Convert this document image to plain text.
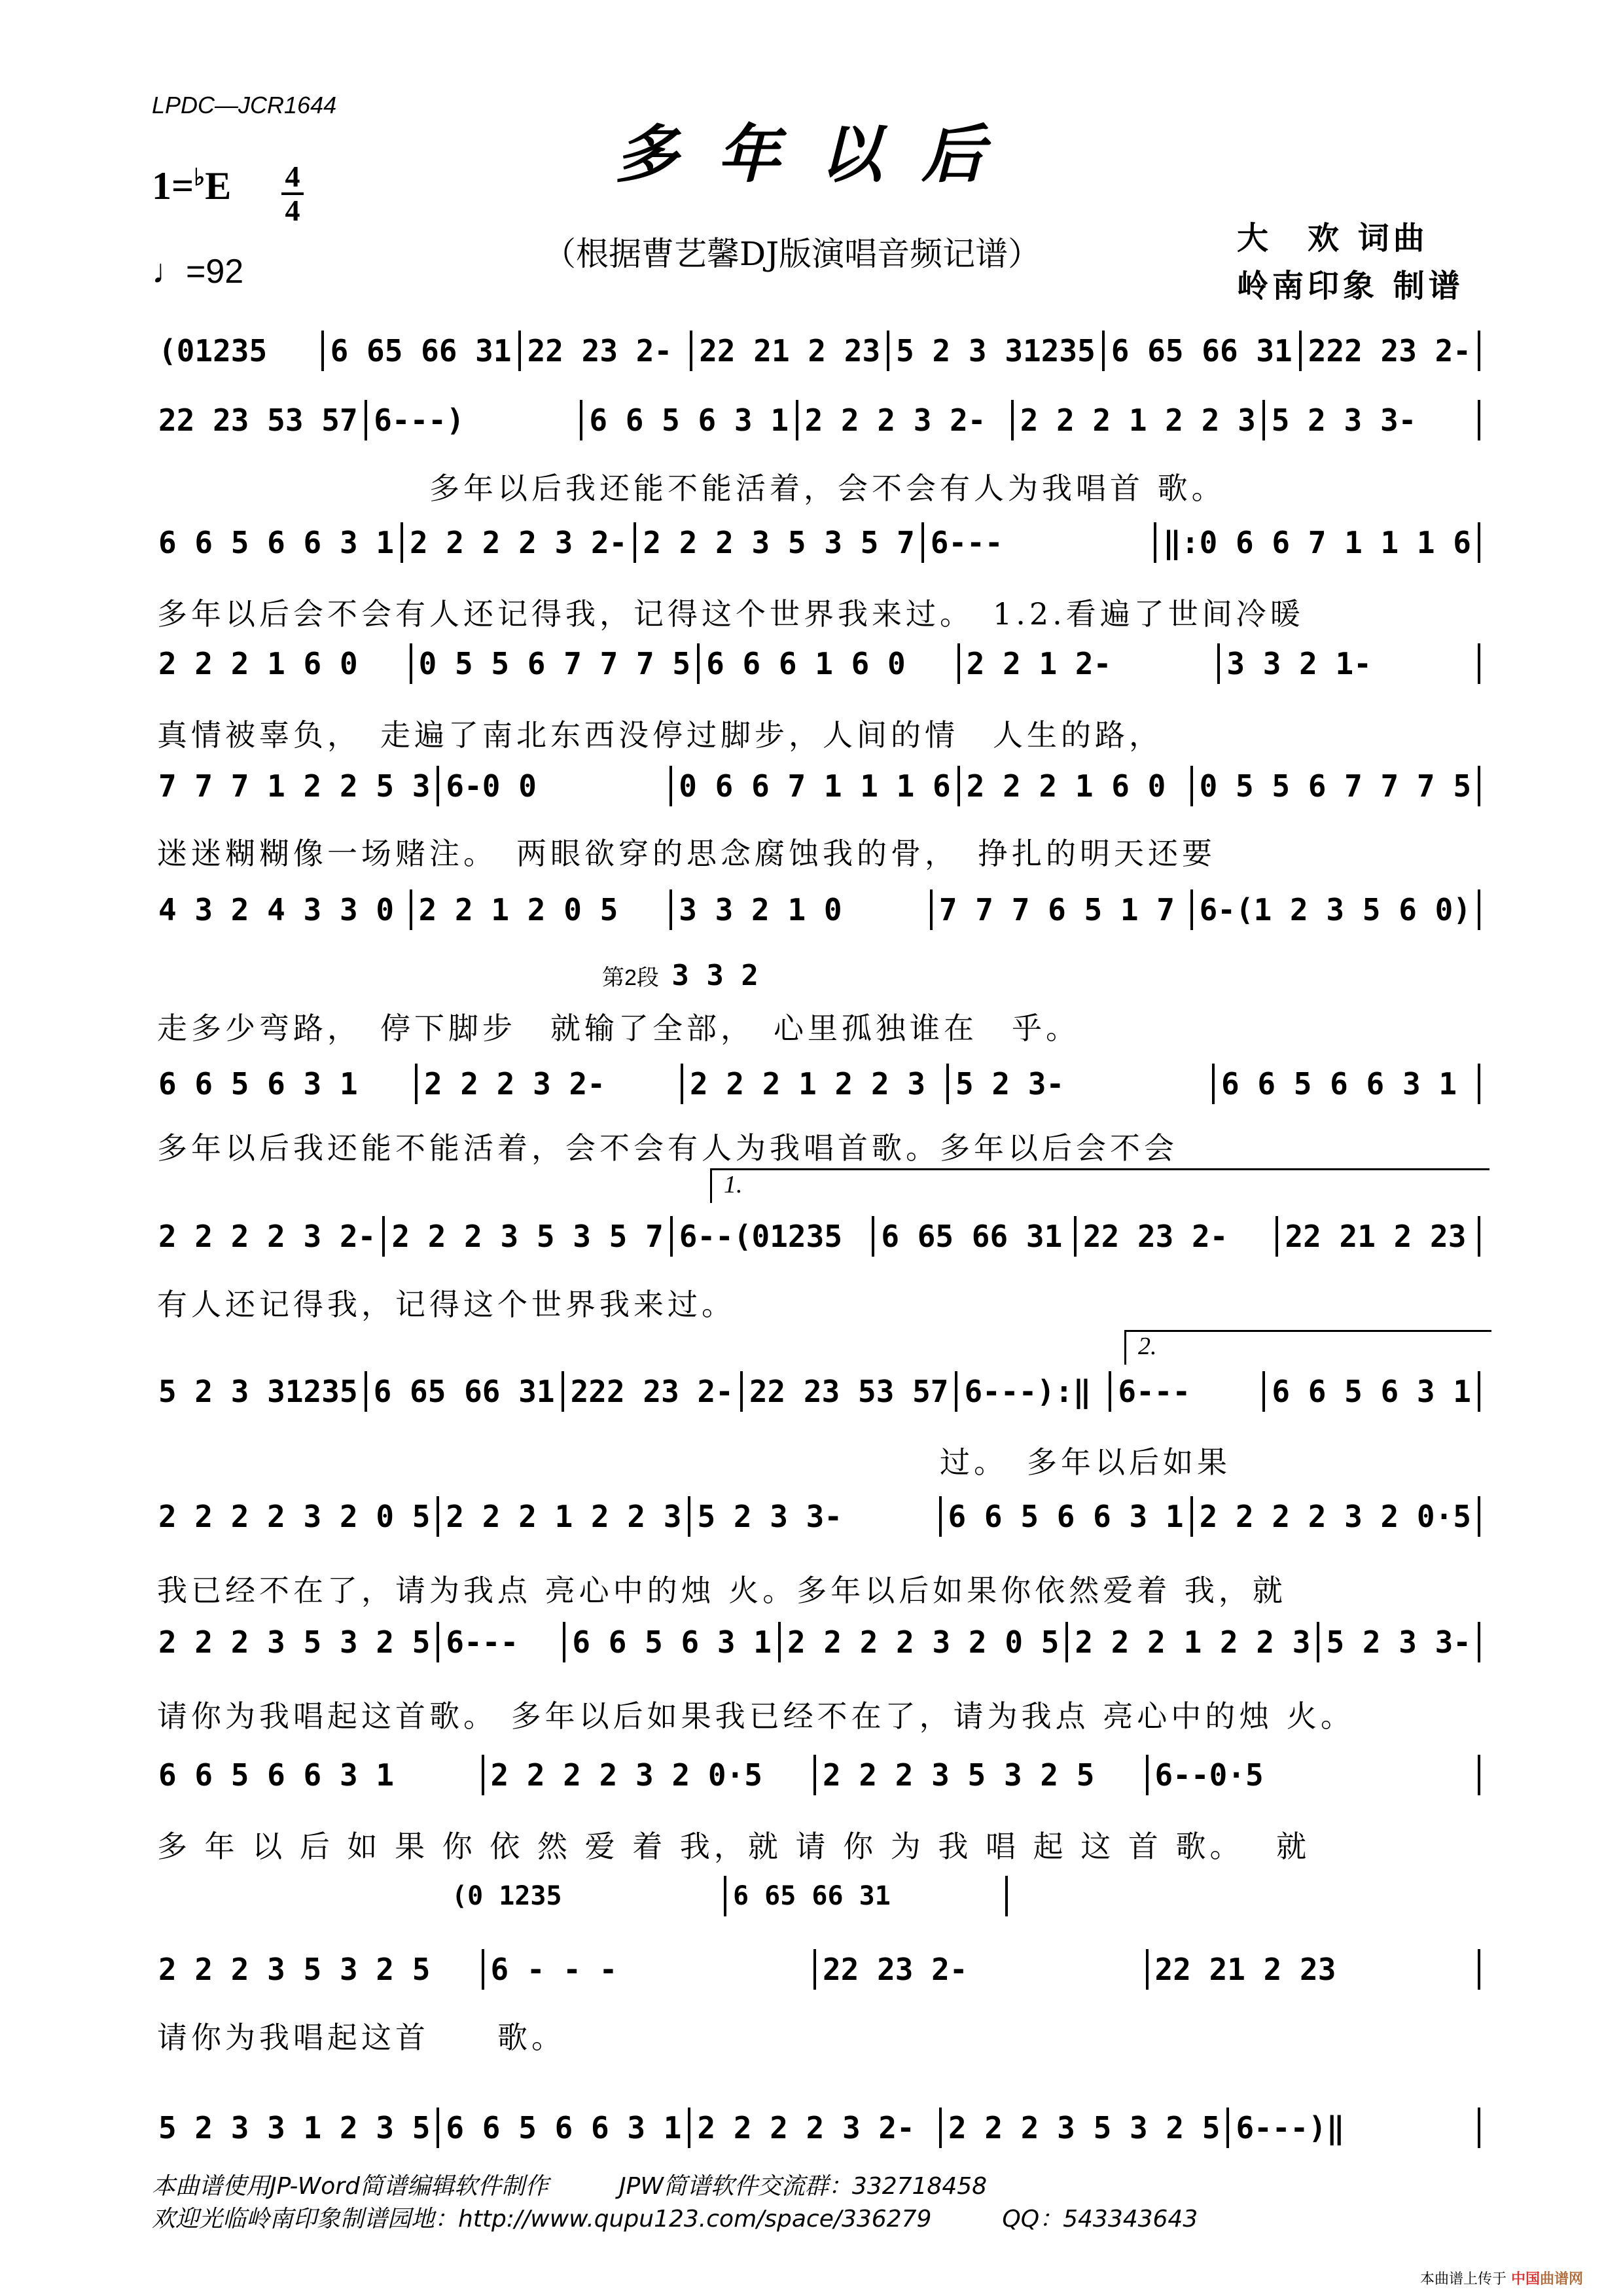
LPDC—JCR1644
多年以后
1=♭E 4
4
♩=92	（根据曹艺馨DJ版演唱音频记谱）	大　欢 词曲
岭南印象 制谱
(01235	6 65 66 31 22 23 2- 22 21 2 23 5 2 3 31235 6 65 66 31 222 23 2-
22 23 53 57 6---)	6 6 5 6 3 1 2 2 2 3 2-	2 2 2 1 2 2 3 5 2 3 3-
　　　　　　　　多年以后我还能不能活着，会不会有人为我唱首 歌。
6 6 5 6 6 3 1 2 2 2 2 3 2- 2 2 2 3 5 3 5 7 6---	‖:0 6 6 7 1 1 1 6
多年以后会不会有人还记得我，记得这个世界我来过。　1.2.看遍了世间冷暖
2 2 2 1 6 0	0 5 5 6 7 7 7 5 6 6 6 1 6 0	2 2 1 2-	3 3 2 1-
真情被辜负，　走遍了南北东西没停过脚步，人间的情　人生的路，
7 7 7 1 2 2 5 3 6-0 0	0 6 6 7 1 1 1 6 2 2 2 1 6 0	0 5 5 6 7 7 7 5
迷迷糊糊像一场赌注。　两眼欲穿的思念腐蚀我的骨，　挣扎的明天还要
4 3 2 4 3 3 0 2 2 1 2 0 5	3 3 2 1 0	7 7 7 6 5 1 7 6-(1 2 3 5 6 0)
走多少弯路，　停下脚步　就输了全部，　心里孤独谁在　乎。
6 6 5 6 3 1	2 2 2 3 2-	2 2 2 1 2 2 3 5 2 3-	6 6 5 6 6 3 1
多年以后我还能不能活着，会不会有人为我唱首歌。多年以后会不会
2 2 2 2 3 2- 2 2 2 3 5 3 5 7 6--(01235	6 65 66 31 22 23 2-	22 21 2 23
有人还记得我，记得这个世界我来过。
5 2 3 31235 6 65 66 31 222 23 2- 22 23 53 57 6---):‖ 6---	6 6 5 6 3 1
　　　　　　　　　　　　　　　　　　　　　　　过。　多年以后如果
2 2 2 2 3 2 0 5 2 2 2 1 2 2 3 5 2 3 3-	6 6 5 6 6 3 1 2 2 2 2 3 2 0·5
我已经不在了，请为我点 亮心中的烛 火。多年以后如果你依然爱着 我，就
2 2 2 3 5 3 2 5 6---	6 6 5 6 3 1 2 2 2 2 3 2 0 5 2 2 2 1 2 2 3 5 2 3 3-
请你为我唱起这首歌。 多年以后如果我已经不在了，请为我点 亮心中的烛 火。
6 6 5 6 6 3 1	2 2 2 2 3 2 0·5	2 2 2 3 5 3 2 5	6--0·5
多 年 以 后 如 果 你 依 然 爱 着 我，就 请 你 为 我 唱 起 这 首 歌。　 就
2 2 2 3 5 3 2 5	6 - - -	22 23 2-	22 21 2 23
(0 1235	6 65 66 31
请你为我唱起这首　　歌。
5 2 3 3 1 2 3 5 6 6 5 6 6 3 1 2 2 2 2 3 2-	2 2 2 3 5 3 2 5 6---)‖
第2段 3 3 2
1.
2.
本曲谱使用JP-Word简谱编辑软件制作　　　JPW简谱软件交流群：332718458
欢迎光临岭南印象制谱园地：http://www.qupu123.com/space/336279　　　QQ：543343643
本曲谱上传于 中国曲谱网
